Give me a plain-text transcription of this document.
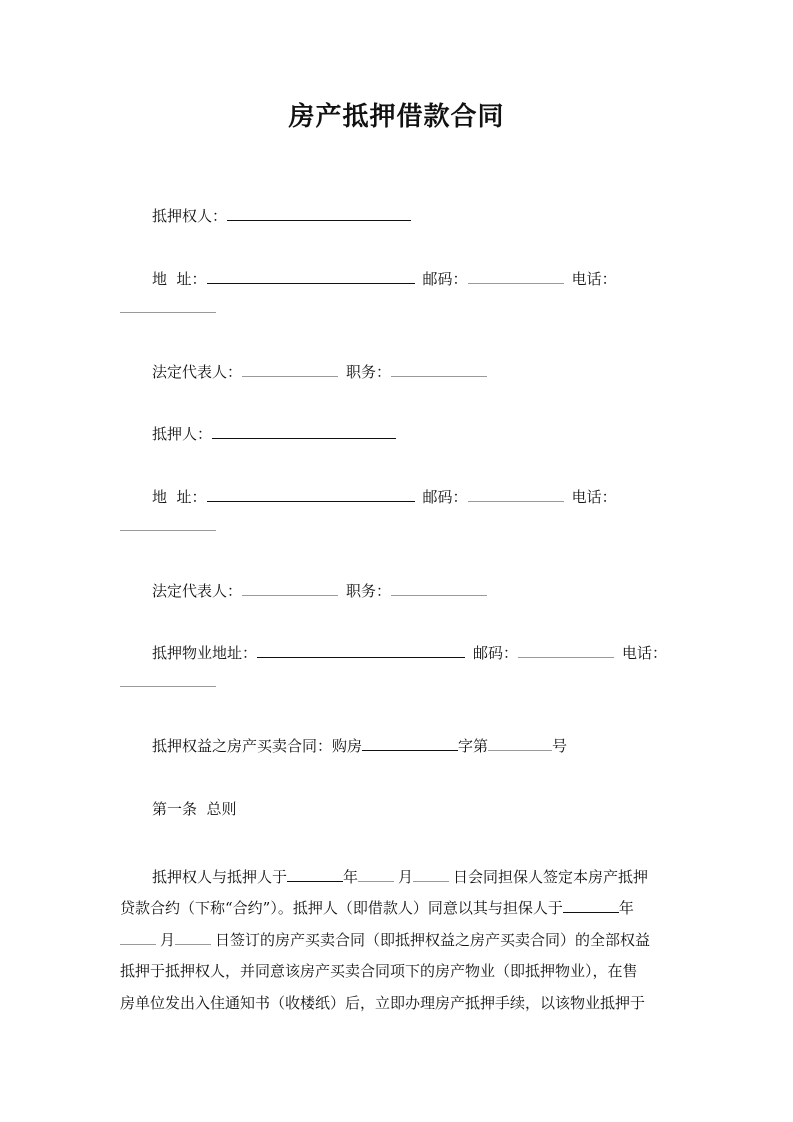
房产抵押借款合同
抵押权人：
地  址：	邮码：	电话：
法定代表人：	职务：
抵押人：
地  址：	邮码：	电话：
法定代表人：	职务：
抵押物业地址：	邮码：	电话：
抵押权益之房产买卖合同：购房	字第	号
第一条  总则

抵押权人与抵押人于	年	月	日会同担保人签定本房产抵押

贷款合约（下称“合约”）。抵押人（即借款人）同意以其与担保人于	年

月	日签订的房产买卖合同（即抵押权益之房产买卖合同）的全部权益

抵押于抵押权人，并同意该房产买卖合同项下的房产物业（即抵押物业），在售

房单位发出入住通知书（收楼纸）后，立即办理房产抵押手续，以该物业抵押于
